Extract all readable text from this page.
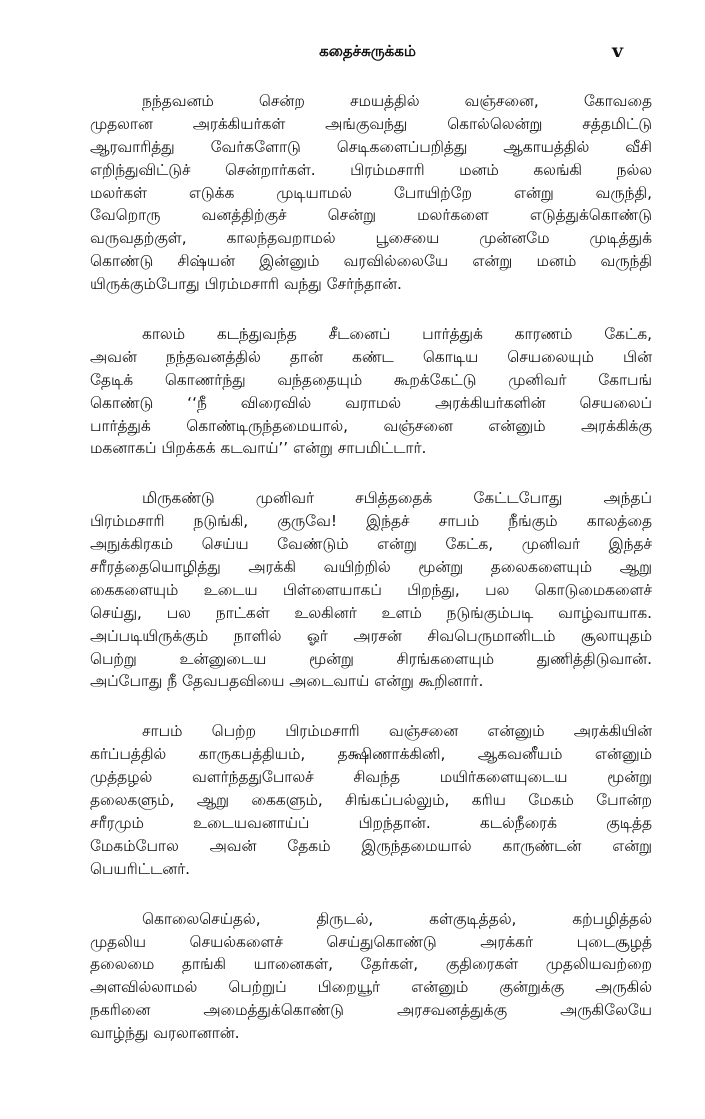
கதைச்சுருக்கம்	v
நந்தவனம் சென்ற சமயத்தில் வஞ்சனை, கோவதை
முதலான அரக்கியர்கள் அங்குவந்து கொல்லென்று சத்தமிட்டு
ஆரவாரித்து வேர்களோடு செடிகளைப்பறித்து ஆகாயத்தில் வீசி
எறிந்துவிட்டுச் சென்றார்கள். பிரம்மசாரி மனம் கலங்கி நல்ல
மலர்கள் எடுக்க முடியாமல் போயிற்றே என்று வருந்தி,
வேறொரு வனத்திற்குச் சென்று மலர்களை எடுத்துக்கொண்டு
வருவதற்குள், காலந்தவறாமல் பூசையை முன்னமே முடித்துக்
கொண்டு சிஷ்யன் இன்னும் வரவில்லையே என்று மனம் வருந்தி
யிருக்கும்போது பிரம்மசாரி வந்து சேர்ந்தான்.
காலம் கடந்துவந்த சீடனைப் பார்த்துக் காரணம் கேட்க,
அவன் நந்தவனத்தில் தான் கண்ட கொடிய செயலையும் பின்
தேடிக் கொணர்ந்து வந்ததையும் கூறக்கேட்டு முனிவர் கோபங்
கொண்டு ‘‘நீ விரைவில் வராமல் அரக்கியர்களின் செயலைப்
பார்த்துக் கொண்டிருந்தமையால், வஞ்சனை என்னும் அரக்கிக்கு
மகனாகப் பிறக்கக் கடவாய்’’ என்று சாபமிட்டார்.
மிருகண்டு முனிவர் சபித்ததைக் கேட்டபோது அந்தப்
பிரம்மசாரி நடுங்கி, குருவே! இந்தச் சாபம் நீங்கும் காலத்தை
அநுக்கிரகம் செய்ய வேண்டும் என்று கேட்க, முனிவர் இந்தச்
சரீரத்தையொழித்து அரக்கி வயிற்றில் மூன்று தலைகளையும் ஆறு
கைகளையும் உடைய பிள்ளையாகப் பிறந்து, பல கொடுமைகளைச்
செய்து, பல நாட்கள் உலகினர் உளம் நடுங்கும்படி வாழ்வாயாக.
அப்படியிருக்கும் நாளில் ஓர் அரசன் சிவபெருமானிடம் சூலாயுதம்
பெற்று உன்னுடைய மூன்று சிரங்களையும் துணித்திடுவான்.
அப்போது நீ தேவபதவியை அடைவாய் என்று கூறினார்.
சாபம் பெற்ற பிரம்மசாரி வஞ்சனை என்னும் அரக்கியின்
கர்ப்பத்தில் காருகபத்தியம், தக்ஷிணாக்கினி, ஆகவனீயம் என்னும்
முத்தழல் வளர்ந்ததுபோலச் சிவந்த மயிர்களையுடைய மூன்று
தலைகளும், ஆறு கைகளும், சிங்கப்பல்லும், கரிய மேகம் போன்ற
சரீரமும் உடையவனாய்ப் பிறந்தான். கடல்நீரைக் குடித்த
மேகம்போல அவன் தேகம் இருந்தமையால் காருண்டன் என்று
பெயரிட்டனர்.
கொலைசெய்தல், திருடல், கள்குடித்தல், கற்பழித்தல்
முதலிய செயல்களைச் செய்துகொண்டு அரக்கர் புடைசூழத்
தலைமை தாங்கி யானைகள், தேர்கள், குதிரைகள் முதலியவற்றை
அளவில்லாமல் பெற்றுப் பிறையூர் என்னும் குன்றுக்கு அருகில்
நகரினை அமைத்துக்கொண்டு அரசவனத்துக்கு அருகிலேயே
வாழ்ந்து வரலானான்.
